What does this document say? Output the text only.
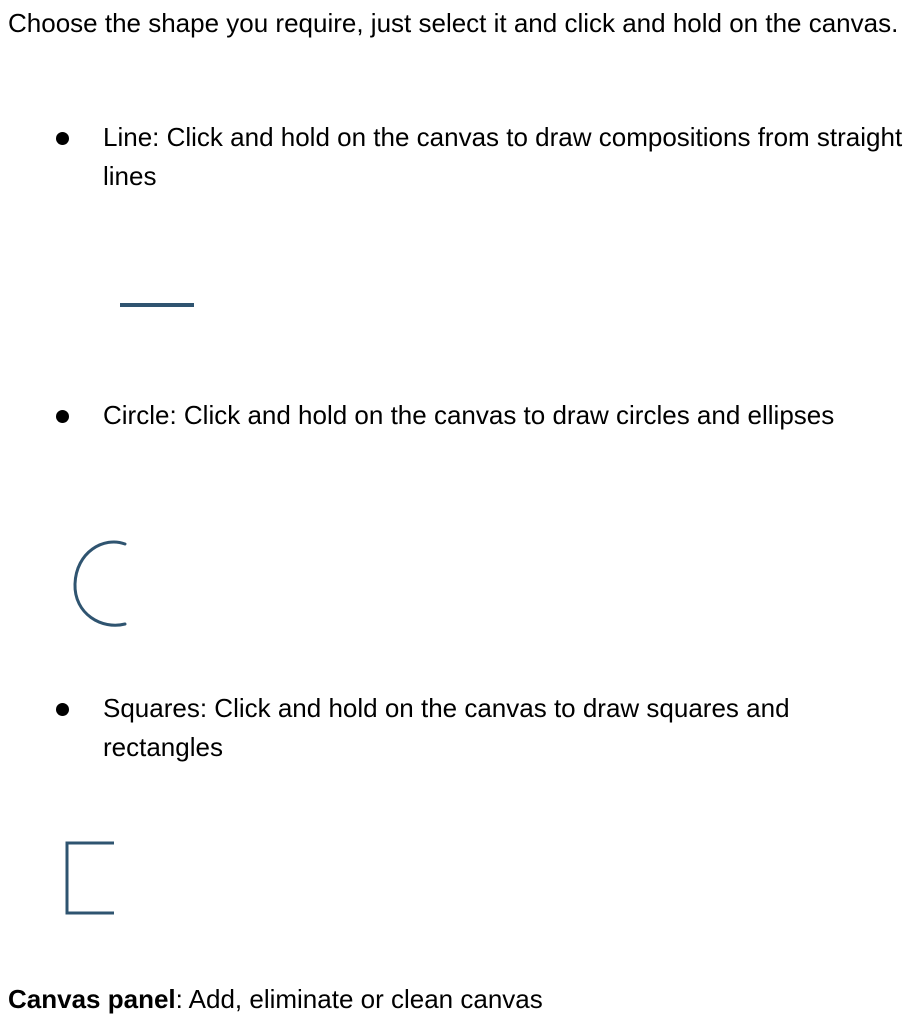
Choose the shape you require, just select it and click and hold on the canvas.

Line: Click and hold on the canvas to draw compositions from straight lines

Circle: Click and hold on the canvas to draw circles and ellipses

Squares: Click and hold on the canvas to draw squares and rectangles

Canvas panel: Add, eliminate or clean canvas
